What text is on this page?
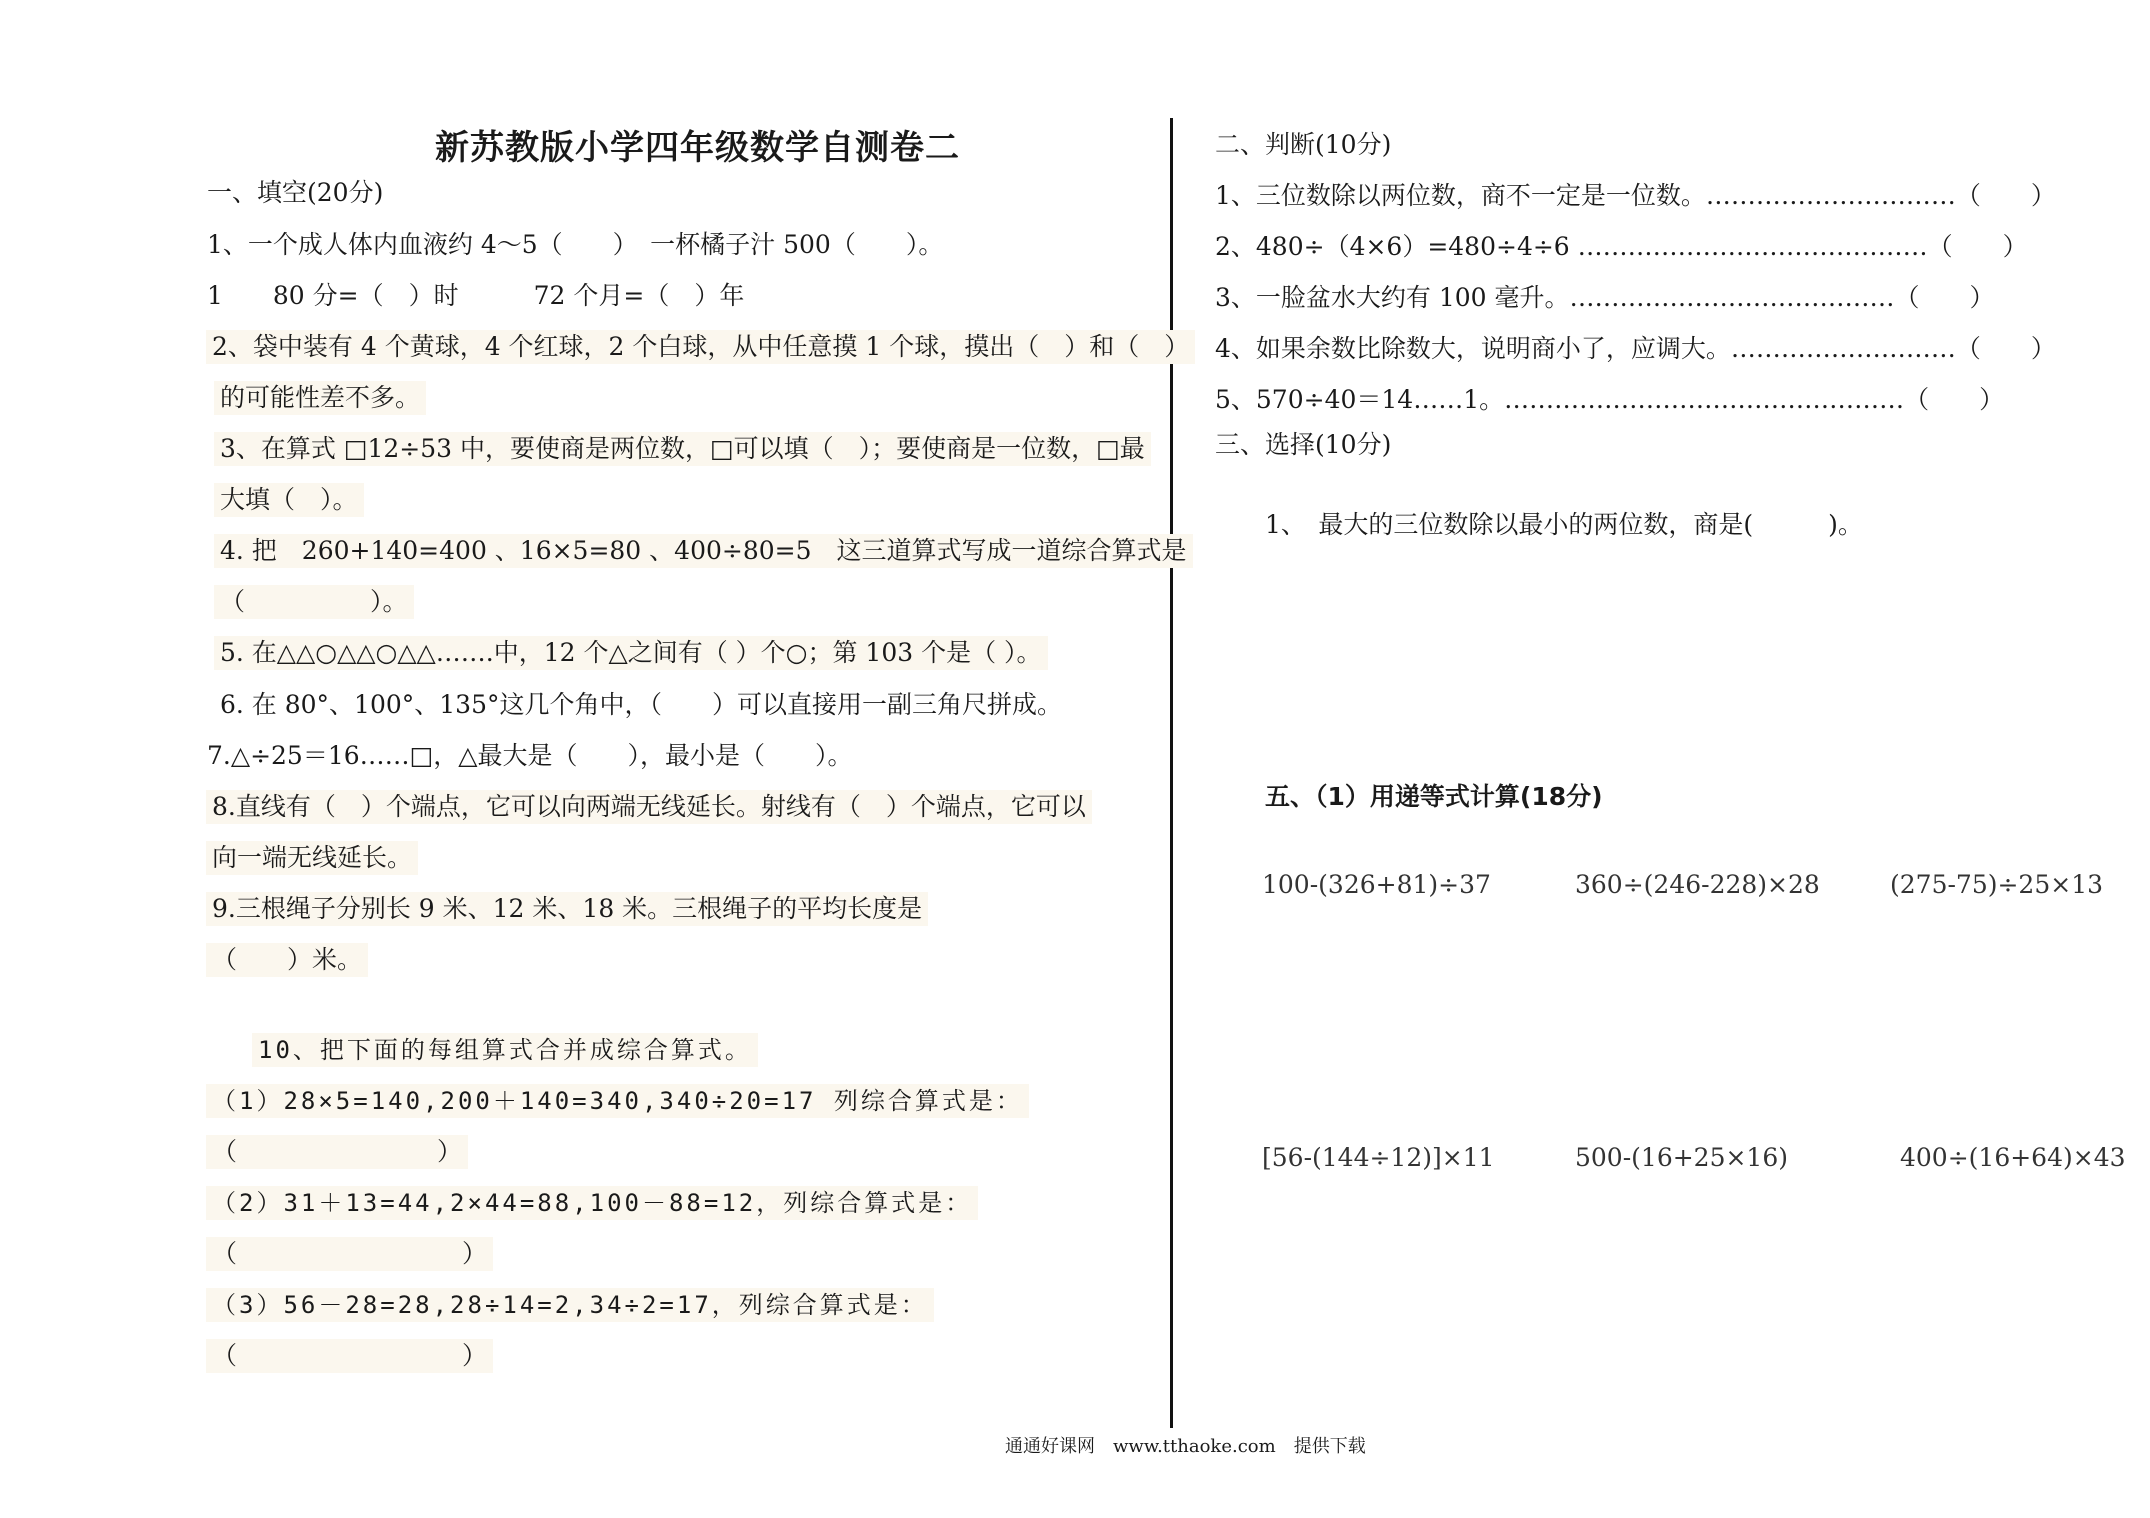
新苏教版小学四年级数学自测卷二
一、填空(20分)
1、一个成人体内血液约 4～5（　　）　一杯橘子汁 500（　　）。
1　　80 分=（　）时　　　72 个月=（　）年
2、袋中装有 4 个黄球，4 个红球，2 个白球，从中任意摸 1 个球，摸出（　）和（　）
的可能性差不多。
3、在算式 □12÷53 中，要使商是两位数，□可以填（　）；要使商是一位数，□最
大填（　）。
4. 把　260+140=400 、16×5=80 、400÷80=5　这三道算式写成一道综合算式是
（　　　　　）。
5. 在△△○△△○△△…….中，12 个△之间有（ ）个○；第 103 个是（ ）。
6. 在 80°、100°、135°这几个角中，（　　）可以直接用一副三角尺拼成。
7.△÷25＝16……□，△最大是（　　），最小是（　　）。
8.直线有（　）个端点，它可以向两端无线延长。射线有（　）个端点，它可以
向一端无线延长。
9.三根绳子分别长 9 米、12 米、18 米。三根绳子的平均长度是
（　　）米。
10、把下面的每组算式合并成综合算式。
（1）28×5=140,200＋140=340,340÷20=17 列综合算式是：
（　　　　　　　　）
（2）31＋13=44,2×44=88,100－88=12，列综合算式是：
（　　　　　　　　　）
（3）56－28=28,28÷14=2,34÷2=17，列综合算式是：
（　　　　　　　　　）
二、判断(10分)
1、三位数除以两位数，商不一定是一位数。…………………………（　　）
2、480÷（4×6）=480÷4÷6 ……………………………………（　　）
3、一脸盆水大约有 100 毫升。…………………………………（　　）
4、如果余数比除数大，说明商小了，应调大。………………………（　　）
5、570÷40＝14……1。…………………………………………（　　）
三、选择(10分)
1、　最大的三位数除以最小的两位数，商是(　　　)。
五、（1）用递等式计算(18分)
100-(326+81)÷37	360÷(246-228)×28	(275-75)÷25×13
[56-(144÷12)]×11	500-(16+25×16)	400÷(16+64)×43
通通好课网　www.tthaoke.com　提供下载
